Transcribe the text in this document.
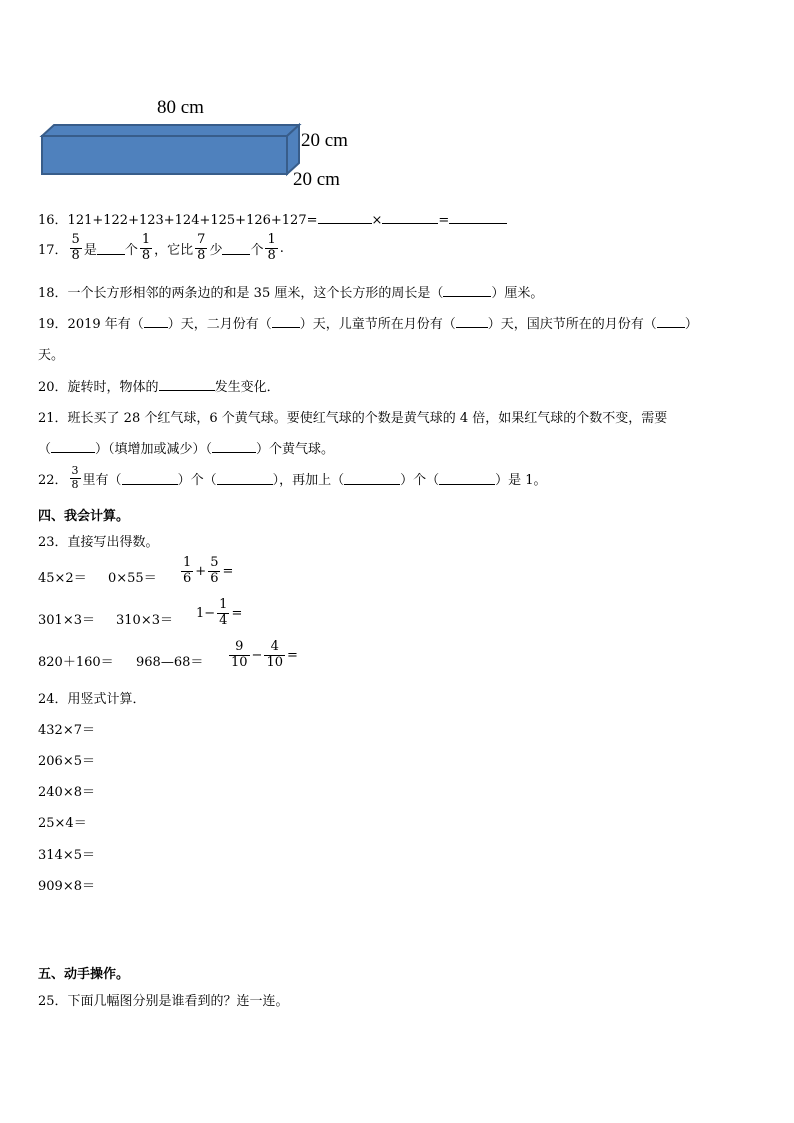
80 cm
20 cm
20 cm
16．121+122+123+124+125+126+127=	×	=
17． $\frac{5}{8}$ 是 个 $\frac{1}{8}$ ，它比 $\frac{7}{8}$ 少 个 $\frac{1}{8}$ .
18．一个长方形相邻的两条边的和是 35 厘米，这个长方形的周长是（	）厘米。
19．2019 年有（ ）天，二月份有（ ）天，儿童节所在月份有（ ）天，国庆节所在的月份有（ ）
天。
20．旋转时，物体的	发生变化．
21．班长买了 28 个红气球，6 个黄气球。要使红气球的个数是黄气球的 4 倍，如果红气球的个数不变，需要
（	）（填增加或减少）（	）个黄气球。
22． $\frac{3}{8}$ 里有（	）个（	），再加上（	）个（	）是 1。
四、我会计算。
23．直接写出得数。
$45\times 2= 0\times 55= \frac{1}{6} + \frac{5}{6}$ =
$301\times 3= 310\times 3= 1- \frac{1}{4}$ =
820＋160＝ 968—68＝ $\frac{9}{10} - \frac{4}{10}$ =
24．用竖式计算．
432×7＝
206×5＝
240×8＝
25×4＝
314×5＝
909×8＝
五、动手操作。
25．下面几幅图分别是谁看到的？连一连。
